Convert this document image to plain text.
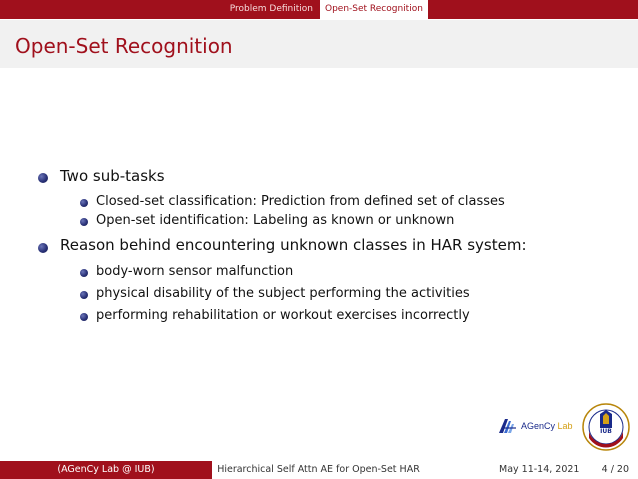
Problem Definition	Open-Set Recognition
Open-Set Recognition
Two sub-tasks
Closed-set classification: Prediction from defined set of classes
Open-set identification: Labeling as known or unknown
Reason behind encountering unknown classes in HAR system:
body-worn sensor malfunction
physical disability of the subject performing the activities
performing rehabilitation or workout exercises incorrectly
AGenCy Lab
IUB
(AGenCy Lab @ IUB)	Hierarchical Self Attn AE for Open-Set HAR	May 11-14, 2021 4 / 20
